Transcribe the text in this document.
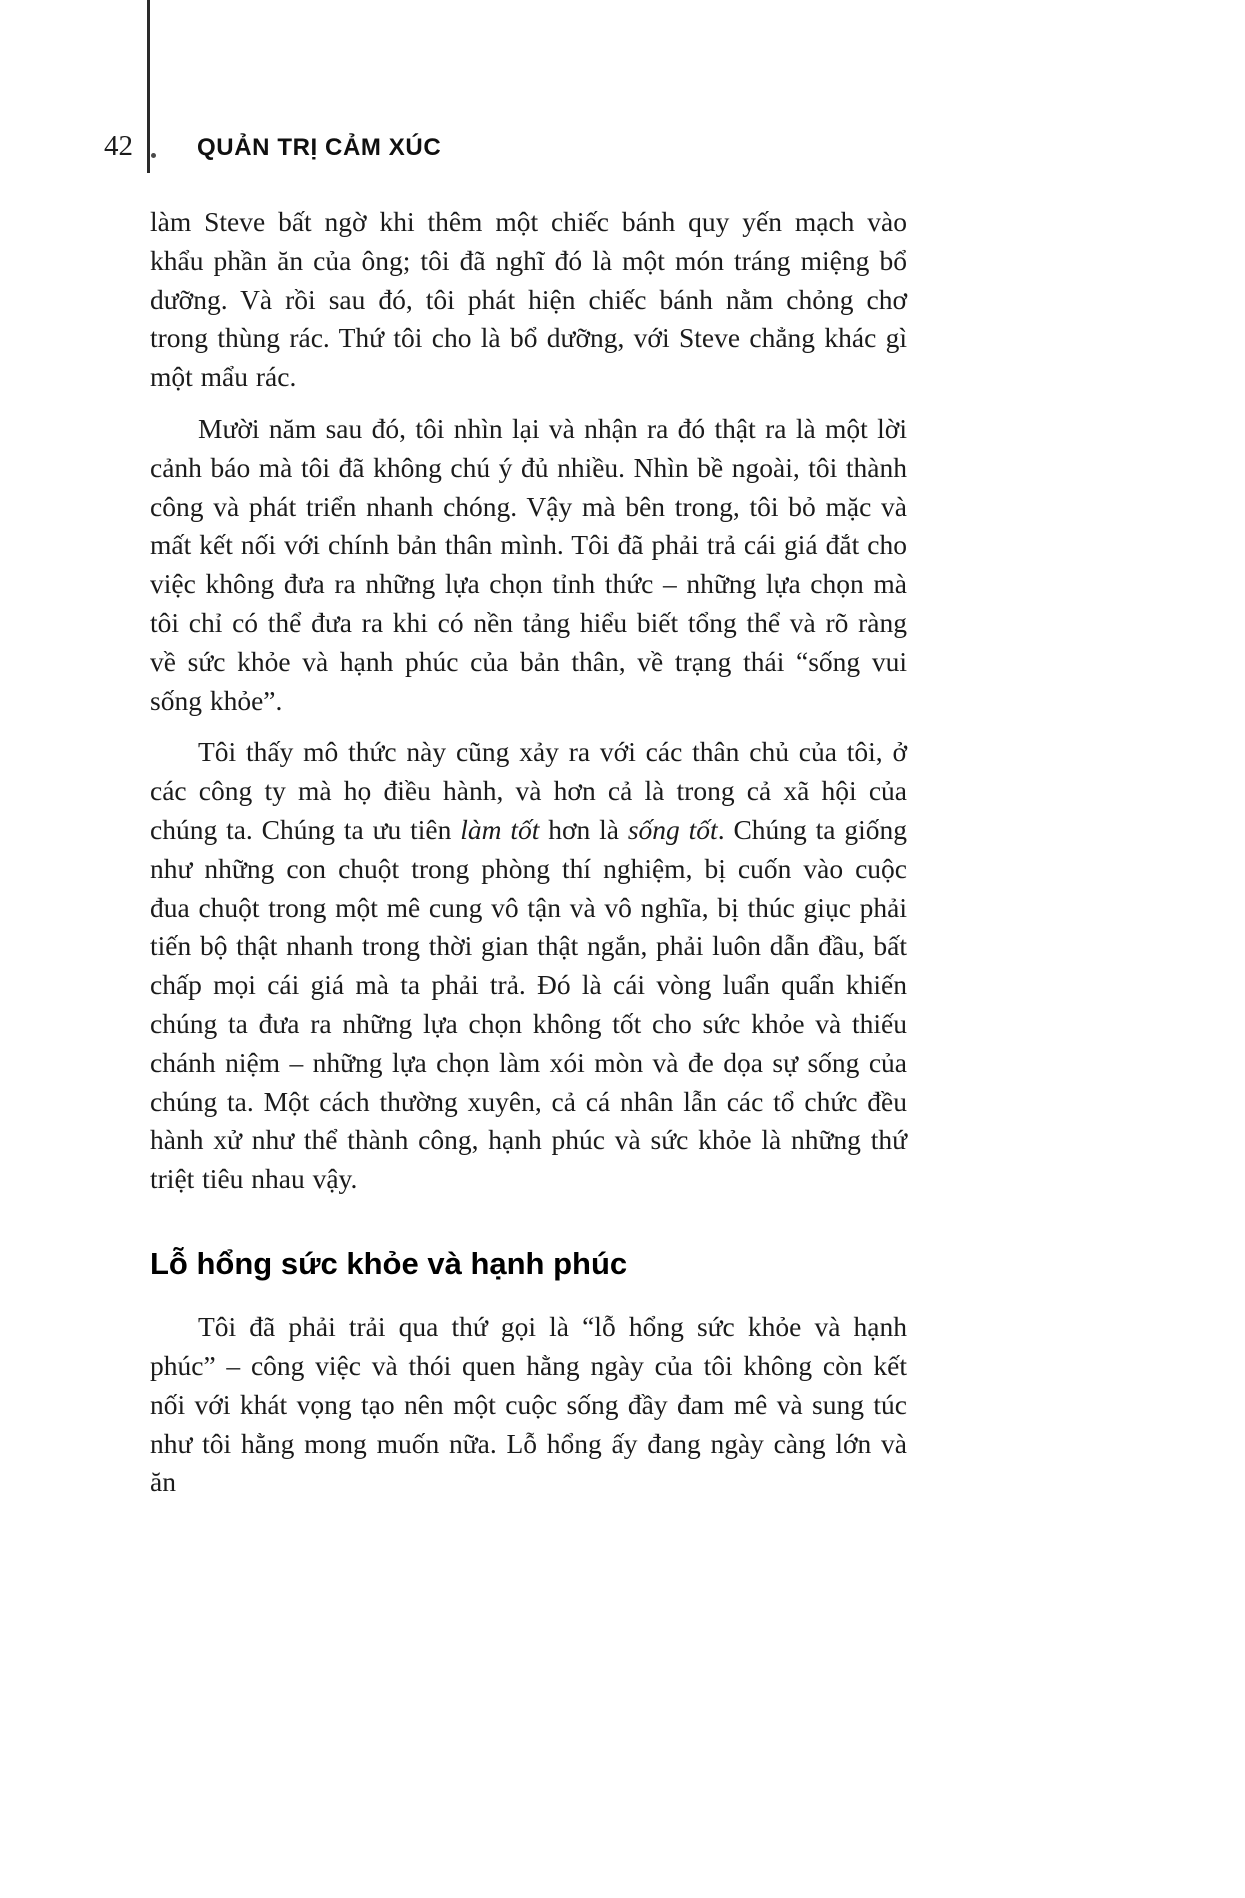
42	QUẢN TRỊ CẢM XÚC

làm Steve bất ngờ khi thêm một chiếc bánh quy yến mạch vào khẩu phần ăn của ông; tôi đã nghĩ đó là một món tráng miệng bổ dưỡng. Và rồi sau đó, tôi phát hiện chiếc bánh nằm chỏng chơ trong thùng rác. Thứ tôi cho là bổ dưỡng, với Steve chẳng khác gì một mẩu rác.

Mười năm sau đó, tôi nhìn lại và nhận ra đó thật ra là một lời cảnh báo mà tôi đã không chú ý đủ nhiều. Nhìn bề ngoài, tôi thành công và phát triển nhanh chóng. Vậy mà bên trong, tôi bỏ mặc và mất kết nối với chính bản thân mình. Tôi đã phải trả cái giá đắt cho việc không đưa ra những lựa chọn tỉnh thức – những lựa chọn mà tôi chỉ có thể đưa ra khi có nền tảng hiểu biết tổng thể và rõ ràng về sức khỏe và hạnh phúc của bản thân, về trạng thái “sống vui sống khỏe”.

Tôi thấy mô thức này cũng xảy ra với các thân chủ của tôi, ở các công ty mà họ điều hành, và hơn cả là trong cả xã hội của chúng ta. Chúng ta ưu tiên làm tốt hơn là sống tốt. Chúng ta giống như những con chuột trong phòng thí nghiệm, bị cuốn vào cuộc đua chuột trong một mê cung vô tận và vô nghĩa, bị thúc giục phải tiến bộ thật nhanh trong thời gian thật ngắn, phải luôn dẫn đầu, bất chấp mọi cái giá mà ta phải trả. Đó là cái vòng luẩn quẩn khiến chúng ta đưa ra những lựa chọn không tốt cho sức khỏe và thiếu chánh niệm – những lựa chọn làm xói mòn và đe dọa sự sống của chúng ta. Một cách thường xuyên, cả cá nhân lẫn các tổ chức đều hành xử như thể thành công, hạnh phúc và sức khỏe là những thứ triệt tiêu nhau vậy.

Lỗ hổng sức khỏe và hạnh phúc

Tôi đã phải trải qua thứ gọi là “lỗ hổng sức khỏe và hạnh phúc” – công việc và thói quen hằng ngày của tôi không còn kết nối với khát vọng tạo nên một cuộc sống đầy đam mê và sung túc như tôi hằng mong muốn nữa. Lỗ hổng ấy đang ngày càng lớn và ăn
